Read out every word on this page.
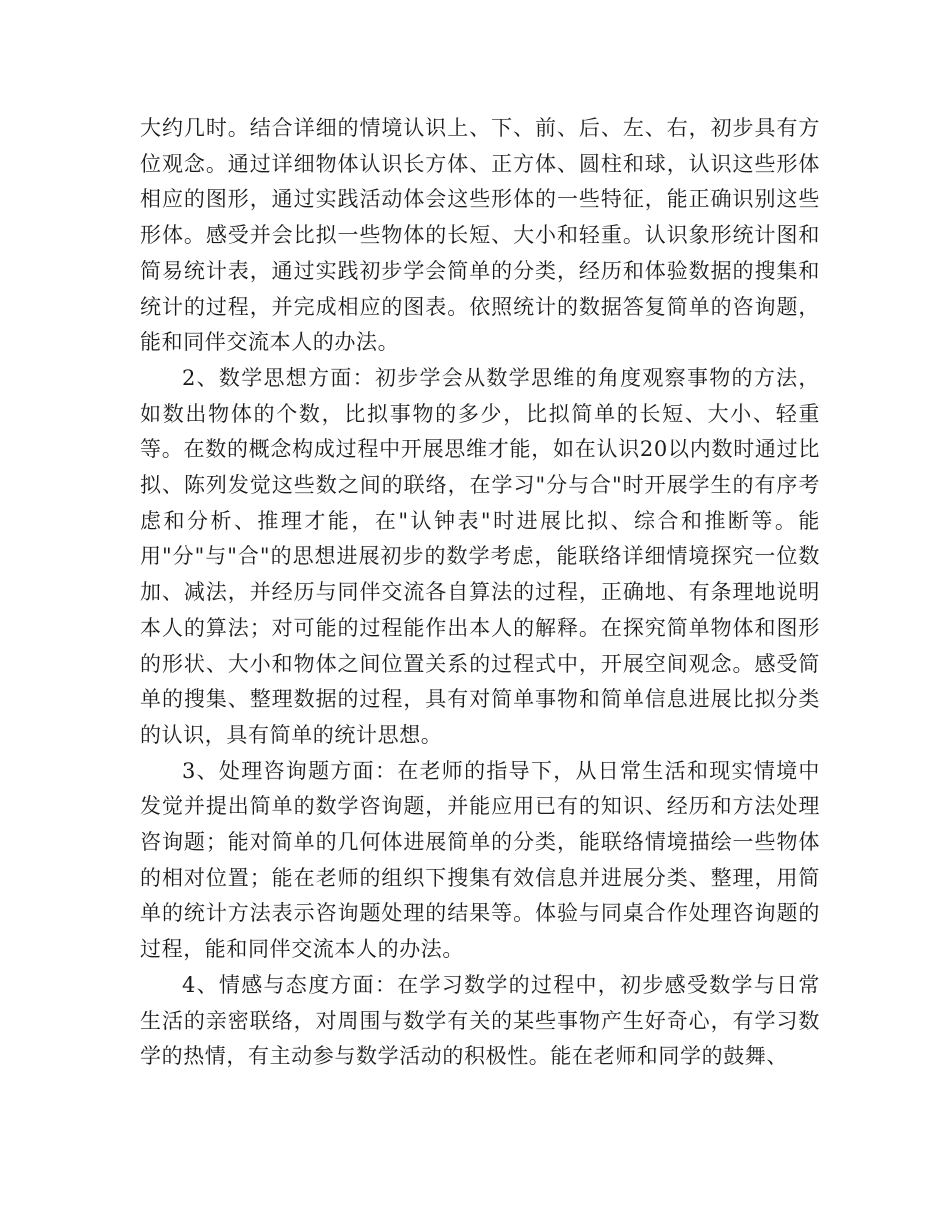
大约几时。结合详细的情境认识上、下、前、后、左、右，初步具有方位观念。通过详细物体认识长方体、正方体、圆柱和球，认识这些形体相应的图形，通过实践活动体会这些形体的一些特征，能正确识别这些形体。感受并会比拟一些物体的长短、大小和轻重。认识象形统计图和简易统计表，通过实践初步学会简单的分类，经历和体验数据的搜集和统计的过程，并完成相应的图表。依照统计的数据答复简单的咨询题，能和同伴交流本人的办法。

2、数学思想方面：初步学会从数学思维的角度观察事物的方法，如数出物体的个数，比拟事物的多少，比拟简单的长短、大小、轻重等。在数的概念构成过程中开展思维才能，如在认识20以内数时通过比拟、陈列发觉这些数之间的联络，在学习"分与合"时开展学生的有序考虑和分析、推理才能，在"认钟表"时进展比拟、综合和推断等。能用"分"与"合"的思想进展初步的数学考虑，能联络详细情境探究一位数加、减法，并经历与同伴交流各自算法的过程，正确地、有条理地说明本人的算法；对可能的过程能作出本人的解释。在探究简单物体和图形的形状、大小和物体之间位置关系的过程式中，开展空间观念。感受简单的搜集、整理数据的过程，具有对简单事物和简单信息进展比拟分类的认识，具有简单的统计思想。

3、处理咨询题方面：在老师的指导下，从日常生活和现实情境中发觉并提出简单的数学咨询题，并能应用已有的知识、经历和方法处理咨询题；能对简单的几何体进展简单的分类，能联络情境描绘一些物体的相对位置；能在老师的组织下搜集有效信息并进展分类、整理，用简单的统计方法表示咨询题处理的结果等。体验与同桌合作处理咨询题的过程，能和同伴交流本人的办法。

4、情感与态度方面：在学习数学的过程中，初步感受数学与日常生活的亲密联络，对周围与数学有关的某些事物产生好奇心，有学习数学的热情，有主动参与数学活动的积极性。能在老师和同学的鼓舞、
